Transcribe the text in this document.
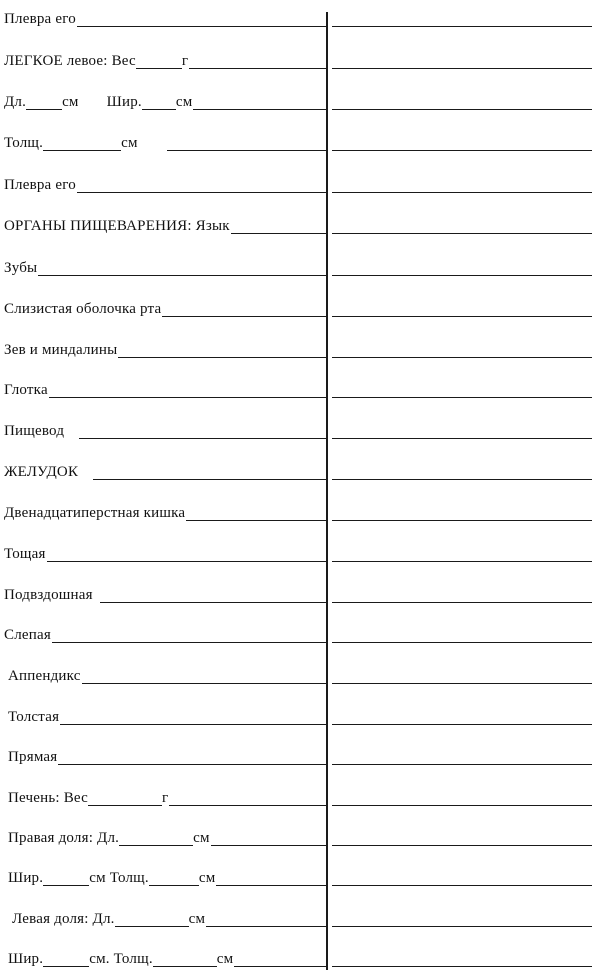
Плевра его
ЛЕГКОЕ левое: Вес	г
Дл. см Шир. см
Толщ.	см
Плевра его
ОРГАНЫ ПИЩЕВАРЕНИЯ: Язык
Зубы
Слизистая оболочка рта
Зев и миндалины
Глотка
Пищевод
ЖЕЛУДОК
Двенадцатиперстная кишка
Тощая
Подвздошная
Слепая
Аппендикс
Толстая
Прямая
Печень: Вес	г
Правая доля: Дл.	см
Шир.	см Толщ.	см
Левая доля: Дл.	см
Шир.	см. Толщ.	см
